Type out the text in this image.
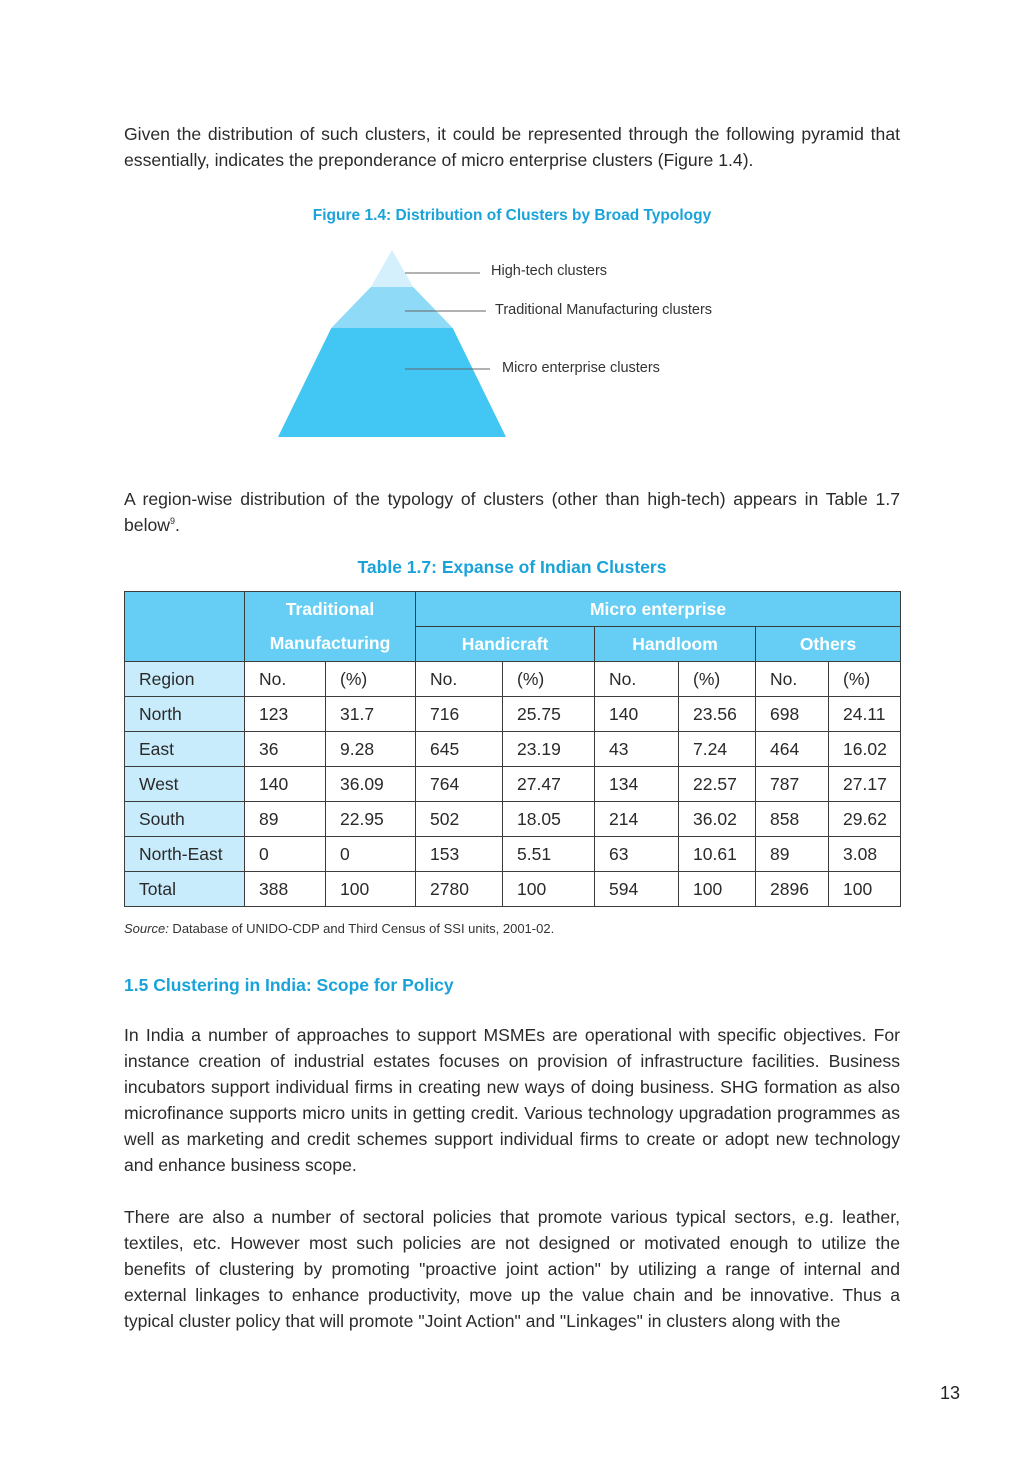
Given the distribution of such clusters, it could be represented through the following pyramid that essentially, indicates the preponderance of micro enterprise clusters (Figure 1.4).

Figure 1.4: Distribution of Clusters by Broad Typology

High-tech clusters
Traditional Manufacturing clusters
Micro enterprise clusters

A region-wise distribution of the typology of clusters (other than high-tech) appears in Table 1.7 below$^9$.

Table 1.7: Expanse of Indian Clusters

	Traditional		Micro enterprise					
	Manufacturing		Handicraft		Handloom		Others	
Region	No.	(%)	No.	(%)	No.	(%)	No.	(%)
North	123	31.7	716	25.75	140	23.56	698	24.11
East	36	9.28	645	23.19	43	7.24	464	16.02
West	140	36.09	764	27.47	134	22.57	787	27.17
South	89	22.95	502	18.05	214	36.02	858	29.62
North-East	0	0	153	5.51	63	10.61	89	3.08
Total	388	100	2780	100	594	100	2896	100

Source: Database of UNIDO-CDP and Third Census of SSI units, 2001-02.

1.5 Clustering in India: Scope for Policy

In India a number of approaches to support MSMEs are operational with specific objectives. For instance creation of industrial estates focuses on provision of infrastructure facilities. Business incubators support individual firms in creating new ways of doing business. SHG formation as also microfinance supports micro units in getting credit. Various technology upgradation programmes as well as marketing and credit schemes support individual firms to create or adopt new technology and enhance business scope.

There are also a number of sectoral policies that promote various typical sectors, e.g. leather, textiles, etc. However most such policies are not designed or motivated enough to utilize the benefits of clustering by promoting "proactive joint action" by utilizing a range of internal and external linkages to enhance productivity, move up the value chain and be innovative. Thus a typical cluster policy that will promote "Joint Action" and "Linkages" in clusters along with the

13
